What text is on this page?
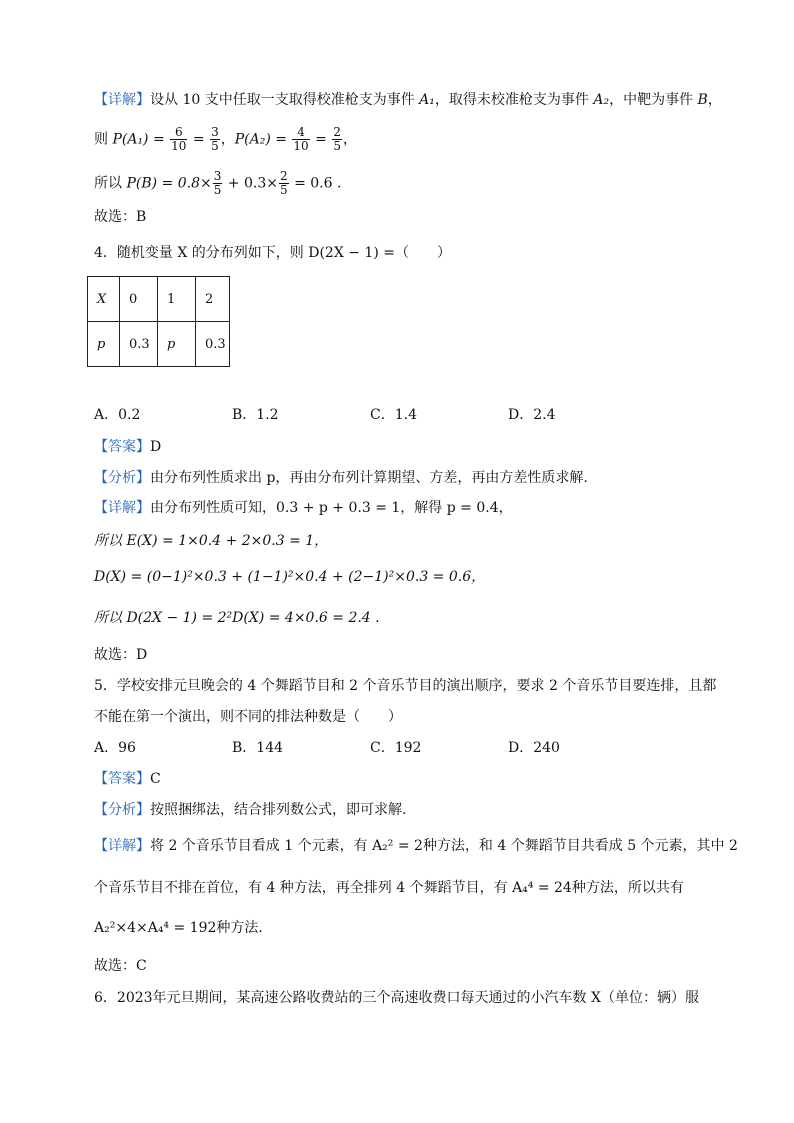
【详解】设从 10 支中任取一支取得校准枪支为事件 A₁，取得未校准枪支为事件 A₂，中靶为事件 B，
则 $P(A_1) = \frac{6}{10} = \frac{3}{5}$ ，$P(A_2) = \frac{4}{10} = \frac{2}{5}$ ，
所以 $P(B) = 0.8\times \frac{3}{5} + 0.3\times \frac{2}{5} = 0.6$ .
故选：B
4．随机变量 X 的分布列如下，则 D(2X − 1) =（　　）
X	0	1	2
p	0.3	p	0.3
A．0.2	B．1.2	C．1.4	D．2.4
【答案】D
【分析】由分布列性质求出 p，再由分布列计算期望、方差，再由方差性质求解.
【详解】由分布列性质可知，0.3 + p + 0.3 = 1，解得 p = 0.4，
所以 E(X) = 1×0.4 + 2×0.3 = 1，
D(X) = (0−1)²×0.3 + (1−1)²×0.4 + (2−1)²×0.3 = 0.6，
所以 D(2X − 1) = 2²D(X) = 4×0.6 = 2.4 .
故选：D
5．学校安排元旦晚会的 4 个舞蹈节目和 2 个音乐节目的演出顺序，要求 2 个音乐节目要连排，且都
不能在第一个演出，则不同的排法种数是（　　）
A．96	B．144	C．192	D．240
【答案】C
【分析】按照捆绑法，结合排列数公式，即可求解.
【详解】将 2 个音乐节目看成 1 个元素，有 A₂² = 2种方法，和 4 个舞蹈节目共看成 5 个元素，其中 2
个音乐节目不排在首位，有 4 种方法，再全排列 4 个舞蹈节目，有 A₄⁴ = 24种方法，所以共有
A₂²×4×A₄⁴ = 192种方法.
故选：C
6．2023年元旦期间，某高速公路收费站的三个高速收费口每天通过的小汽车数 X（单位：辆）服
